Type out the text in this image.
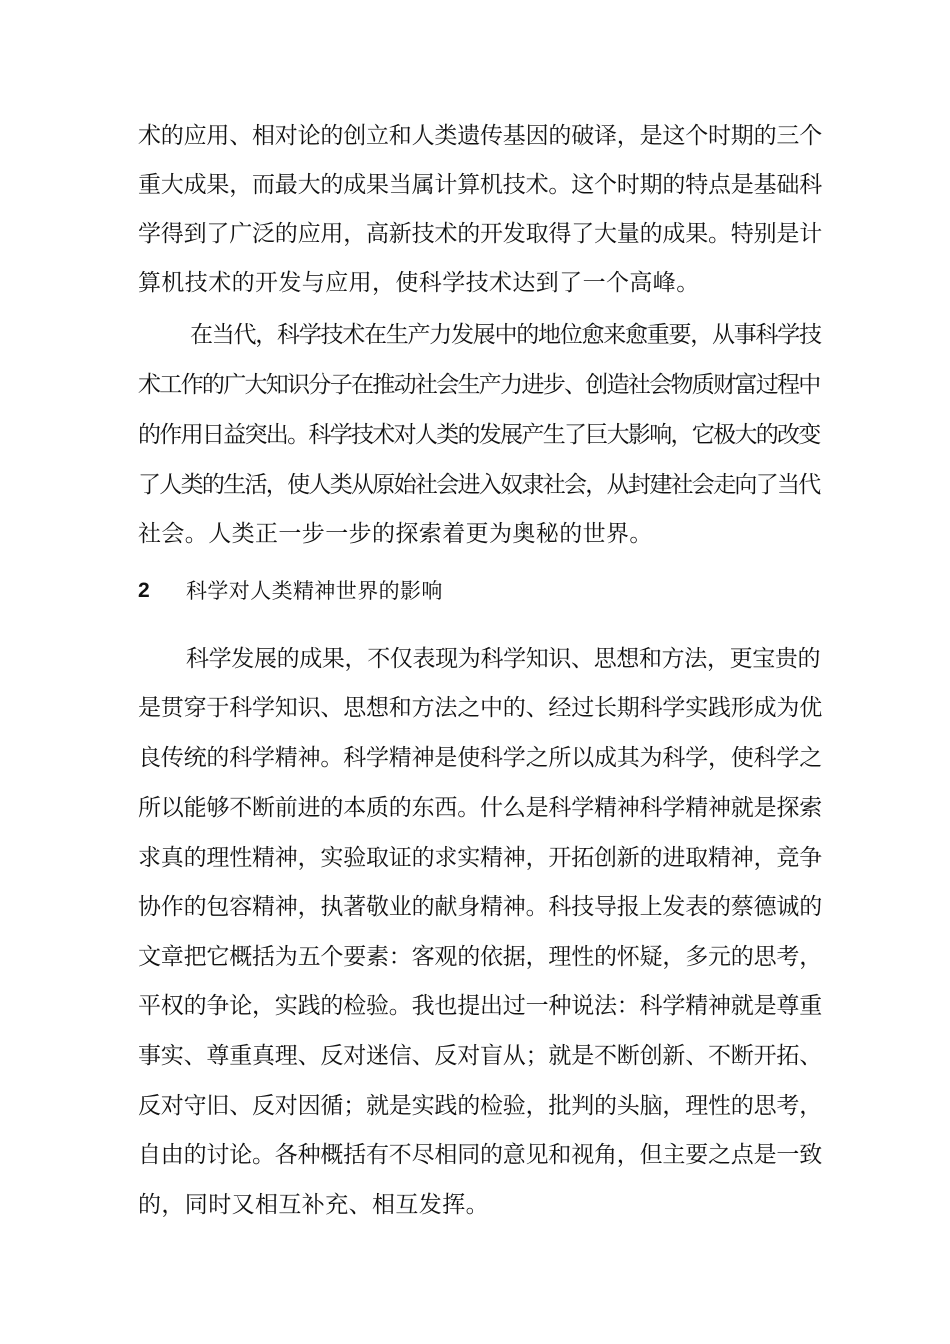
术的应用、相对论的创立和人类遗传基因的破译，是这个时期的三个
重大成果，而最大的成果当属计算机技术。这个时期的特点是基础科
学得到了广泛的应用，高新技术的开发取得了大量的成果。特别是计
算机技术的开发与应用，使科学技术达到了一个高峰。
在当代，科学技术在生产力发展中的地位愈来愈重要，从事科学技
术工作的广大知识分子在推动社会生产力进步、创造社会物质财富过程中
的作用日益突出。科学技术对人类的发展产生了巨大影响，它极大的改变
了人类的生活，使人类从原始社会进入奴隶社会，从封建社会走向了当代
社会。人类正一步一步的探索着更为奥秘的世界。
2 科学对人类精神世界的影响
科学发展的成果，不仅表现为科学知识、思想和方法，更宝贵的
是贯穿于科学知识、思想和方法之中的、经过长期科学实践形成为优
良传统的科学精神。科学精神是使科学之所以成其为科学，使科学之
所以能够不断前进的本质的东西。什么是科学精神科学精神就是探索
求真的理性精神，实验取证的求实精神，开拓创新的进取精神，竞争
协作的包容精神，执著敬业的献身精神。科技导报上发表的蔡德诚的
文章把它概括为五个要素：客观的依据，理性的怀疑，多元的思考，
平权的争论，实践的检验。我也提出过一种说法：科学精神就是尊重
事实、尊重真理、反对迷信、反对盲从；就是不断创新、不断开拓、
反对守旧、反对因循；就是实践的检验，批判的头脑，理性的思考，
自由的讨论。各种概括有不尽相同的意见和视角，但主要之点是一致
的，同时又相互补充、相互发挥。
